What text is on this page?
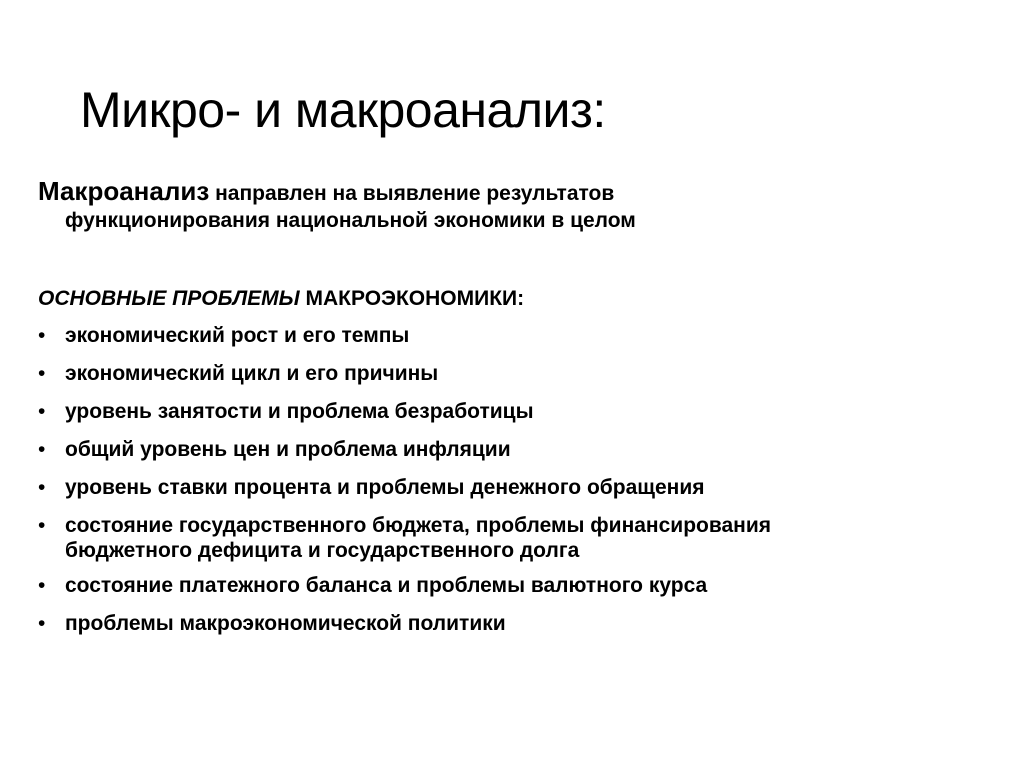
Микро- и макроанализ:
Макроанализ направлен на выявление результатов
функционирования национальной экономики в целом
ОСНОВНЫЕ ПРОБЛЕМЫ МАКРОЭКОНОМИКИ:
• экономический рост и его темпы
• экономический цикл и его причины
• уровень занятости и проблема безработицы
• общий уровень цен и проблема инфляции
• уровень ставки процента и проблемы денежного обращения
• состояние государственного бюджета, проблемы финансирования
бюджетного дефицита и государственного долга
• состояние платежного баланса и проблемы валютного курса
• проблемы макроэкономической политики
